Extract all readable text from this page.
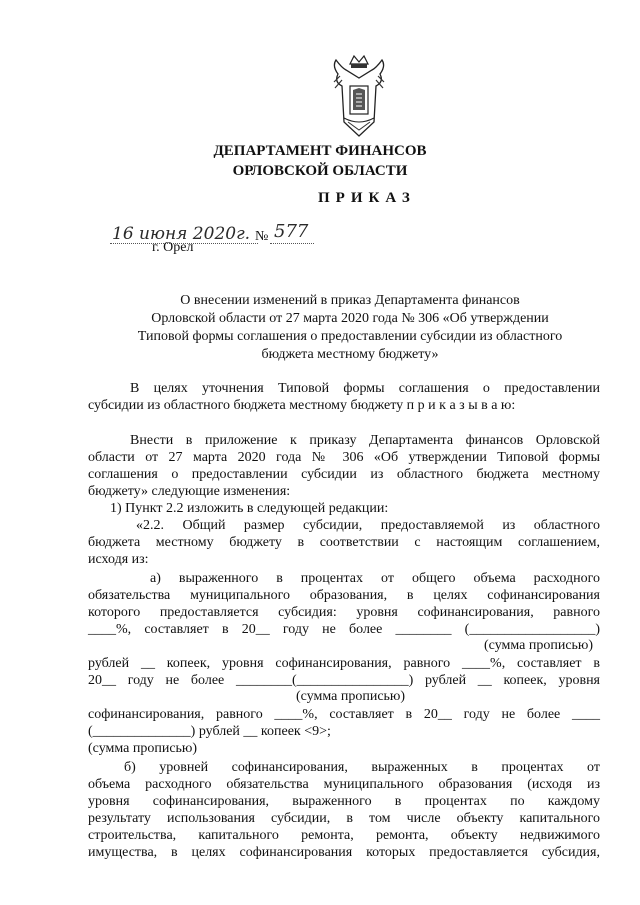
ДЕПАРТАМЕНТ ФИНАНСОВ
ОРЛОВСКОЙ ОБЛАСТИ
ПРИКАЗ
16 июня 2020г. № 577
г. Орел
О внесении изменений в приказ Департамента финансов
Орловской области от 27 марта 2020 года № 306 «Об утверждении
Типовой формы соглашения о предоставлении субсидии из областного
бюджета местному бюджету»
В целях уточнения Типовой формы соглашения о предоставлении
субсидии из областного бюджета местному бюджету п р и к а з ы в а ю:
Внести в приложение к приказу Департамента финансов Орловской
области от 27 марта 2020 года № 306 «Об утверждении Типовой формы
соглашения о предоставлении субсидии из областного бюджета местному
бюджету» следующие изменения:
1) Пункт 2.2 изложить в следующей редакции:
«2.2. Общий размер субсидии, предоставляемой из областного
бюджета местному бюджету в соответствии с настоящим соглашением,
исходя из:
а) выраженного в процентах от общего объема расходного
обязательства муниципального образования, в целях софинансирования
которого предоставляется субсидия: уровня софинансирования, равного
____%, составляет в 20__ году не более ________ (__________________)
(сумма прописью)
рублей __ копеек, уровня софинансирования, равного ____%, составляет в
20__ году не более ________(________________) рублей __ копеек, уровня
(сумма прописью)
софинансирования, равного ____%, составляет в 20__ году не более ____
(______________) рублей __ копеек <9>;
(сумма прописью)
б) уровней софинансирования, выраженных в процентах от
объема расходного обязательства муниципального образования (исходя из
уровня софинансирования, выраженного в процентах по каждому
результату использования субсидии, в том числе объекту капитального
строительства, капитального ремонта, ремонта, объекту недвижимого
имущества, в целях софинансирования которых предоставляется субсидия,
